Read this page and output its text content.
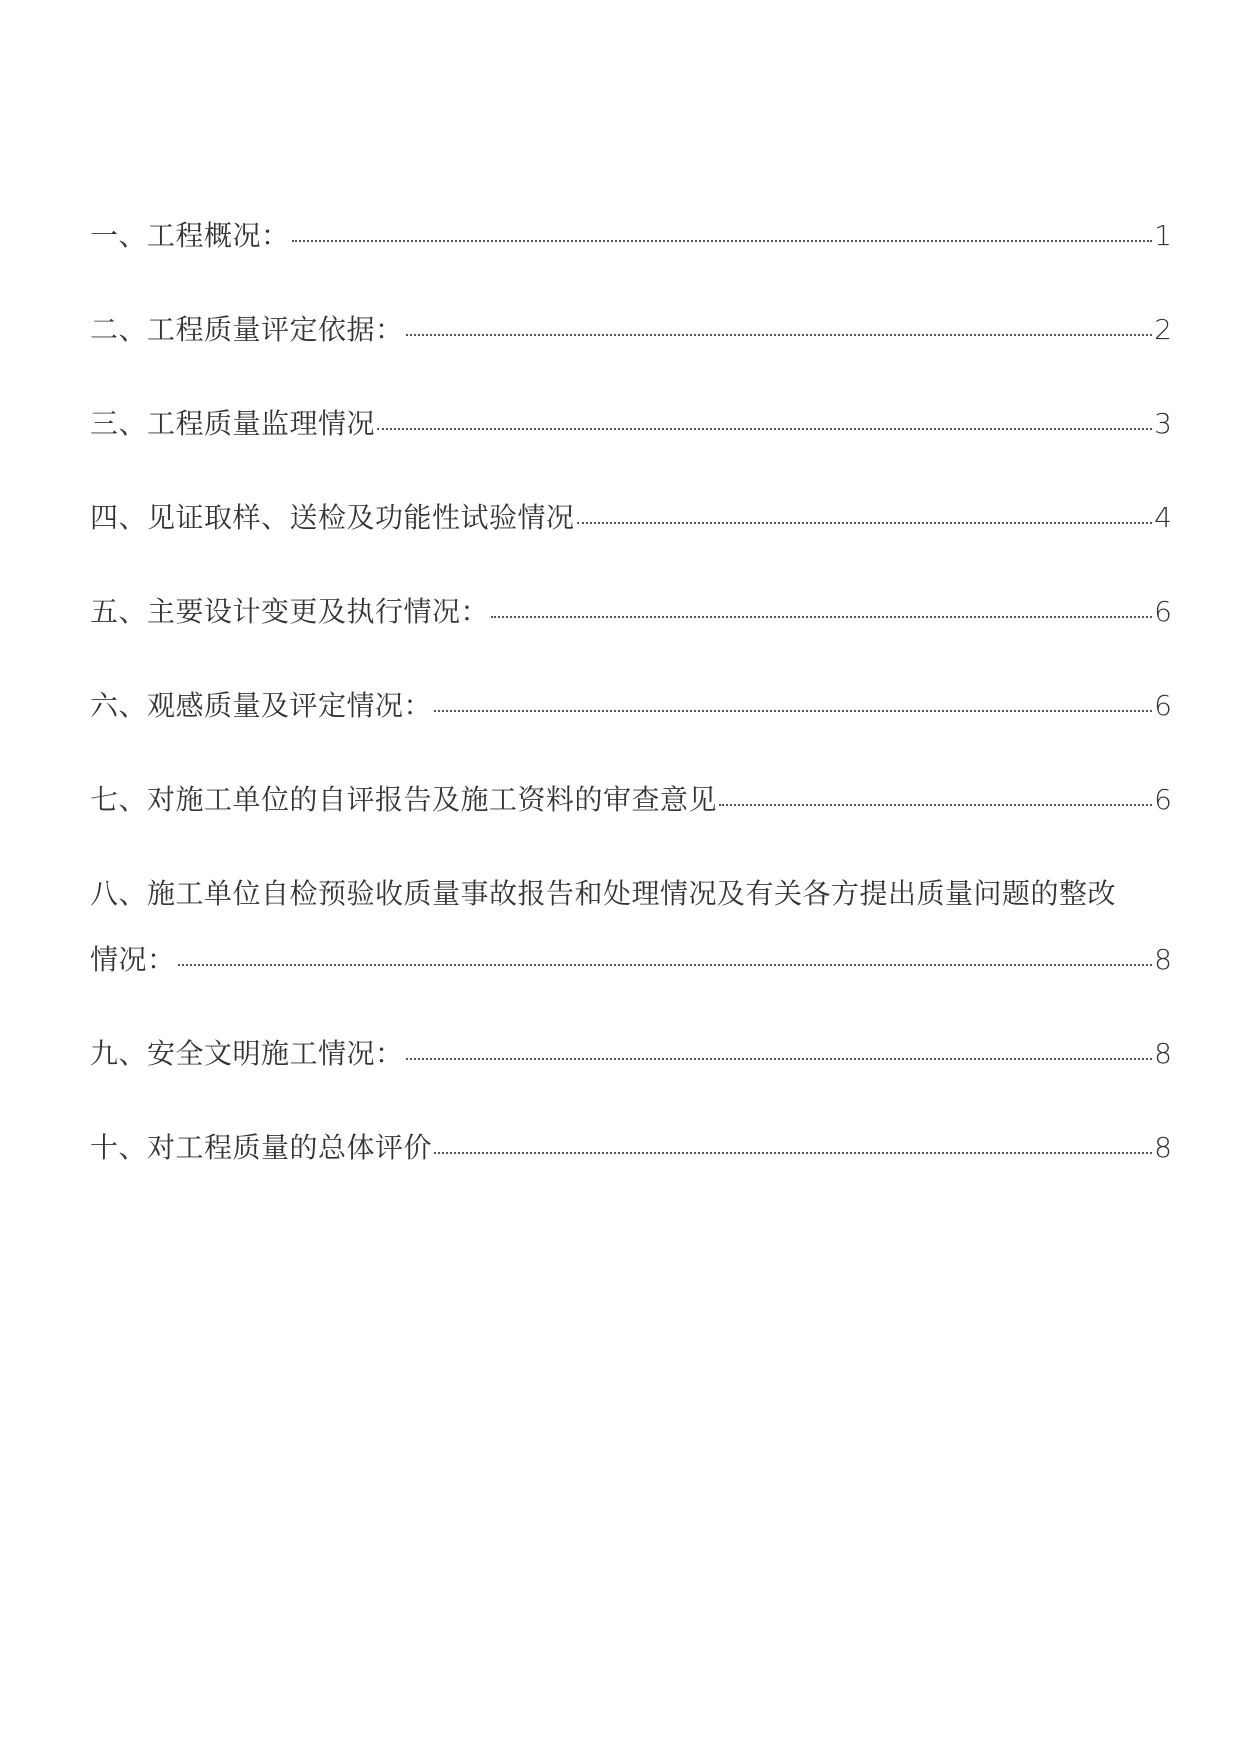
一、工程概况：	1
二、工程质量评定依据：	2
三、工程质量监理情况	3
四、见证取样、送检及功能性试验情况	4
五、主要设计变更及执行情况：	6
六、观感质量及评定情况：	6
七、对施工单位的自评报告及施工资料的审查意见	6
八、施工单位自检预验收质量事故报告和处理情况及有关各方提出质量问题的整改
情况：	8
九、安全文明施工情况：	8
十、对工程质量的总体评价	8
